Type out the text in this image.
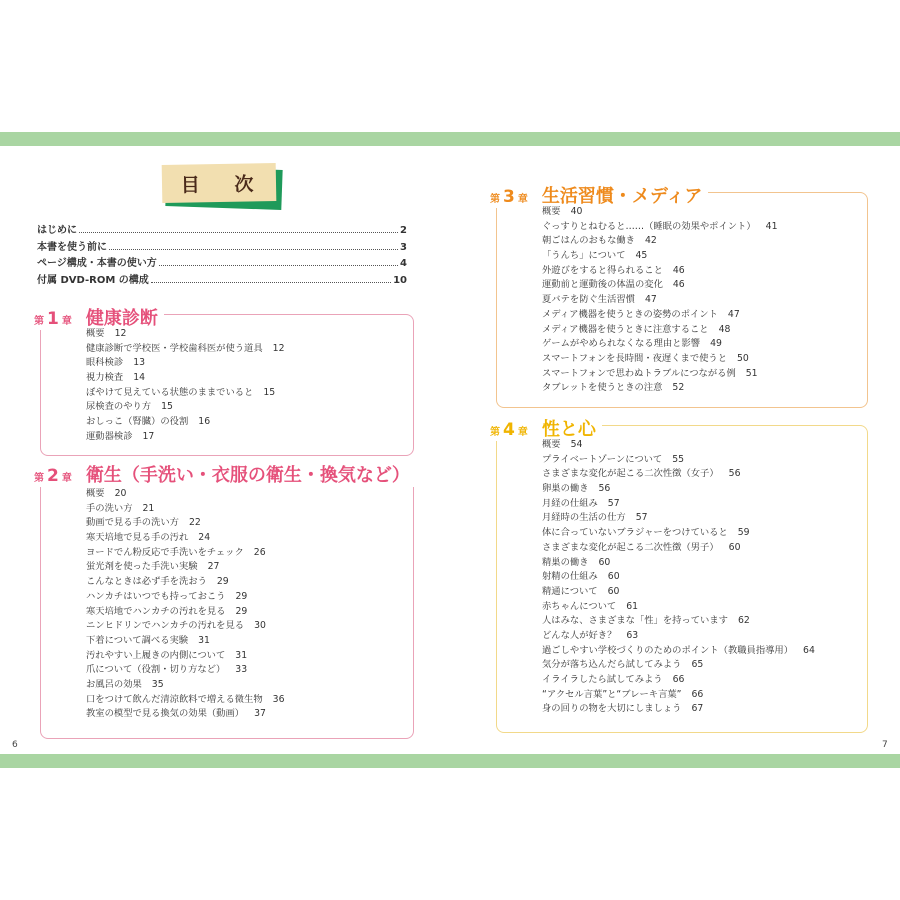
6	7
目 次
はじめに	2
本書を使う前に	3
ページ構成・本書の使い方	4
付属 DVD-ROM の構成	10
第 1 章 健康診断
概要 12
健康診断で学校医・学校歯科医が使う道具 12
眼科検診 13
視力検査 14
ぼやけて見えている状態のままでいると 15
尿検査のやり方 15
おしっこ（腎臓）の役割 16
運動器検診 17
第 2 章 衛生（手洗い・衣服の衛生・換気など）
概要 20
手の洗い方 21
動画で見る手の洗い方 22
寒天培地で見る手の汚れ 24
ヨードでん粉反応で手洗いをチェック 26
蛍光剤を使った手洗い実験 27
こんなときは必ず手を洗おう 29
ハンカチはいつでも持っておこう 29
寒天培地でハンカチの汚れを見る 29
ニンヒドリンでハンカチの汚れを見る 30
下着について調べる実験 31
汚れやすい上履きの内側について 31
爪について（役割・切り方など） 33
お風呂の効果 35
口をつけて飲んだ清涼飲料で増える微生物 36
教室の模型で見る換気の効果（動画） 37
第 3 章 生活習慣・メディア
概要 40
ぐっすりとねむると……（睡眠の効果やポイント） 41
朝ごはんのおもな働き 42
「うんち」について 45
外遊びをすると得られること 46
運動前と運動後の体温の変化 46
夏バテを防ぐ生活習慣 47
メディア機器を使うときの姿勢のポイント 47
メディア機器を使うときに注意すること 48
ゲームがやめられなくなる理由と影響 49
スマートフォンを長時間・夜遅くまで使うと 50
スマートフォンで思わぬトラブルにつながる例 51
タブレットを使うときの注意 52
第 4 章 性と心
概要 54
プライベートゾーンについて 55
さまざまな変化が起こる二次性徴（女子） 56
卵巣の働き 56
月経の仕組み 57
月経時の生活の仕方 57
体に合っていないブラジャーをつけていると 59
さまざまな変化が起こる二次性徴（男子） 60
精巣の働き 60
射精の仕組み 60
精通について 60
赤ちゃんについて 61
人はみな、さまざまな「性」を持っています 62
どんな人が好き？ 63
過ごしやすい学校づくりのためのポイント（教職員指導用） 64
気分が落ち込んだら試してみよう 65
イライラしたら試してみよう 66
“アクセル言葉”と“ブレーキ言葉” 66
身の回りの物を大切にしましょう 67
